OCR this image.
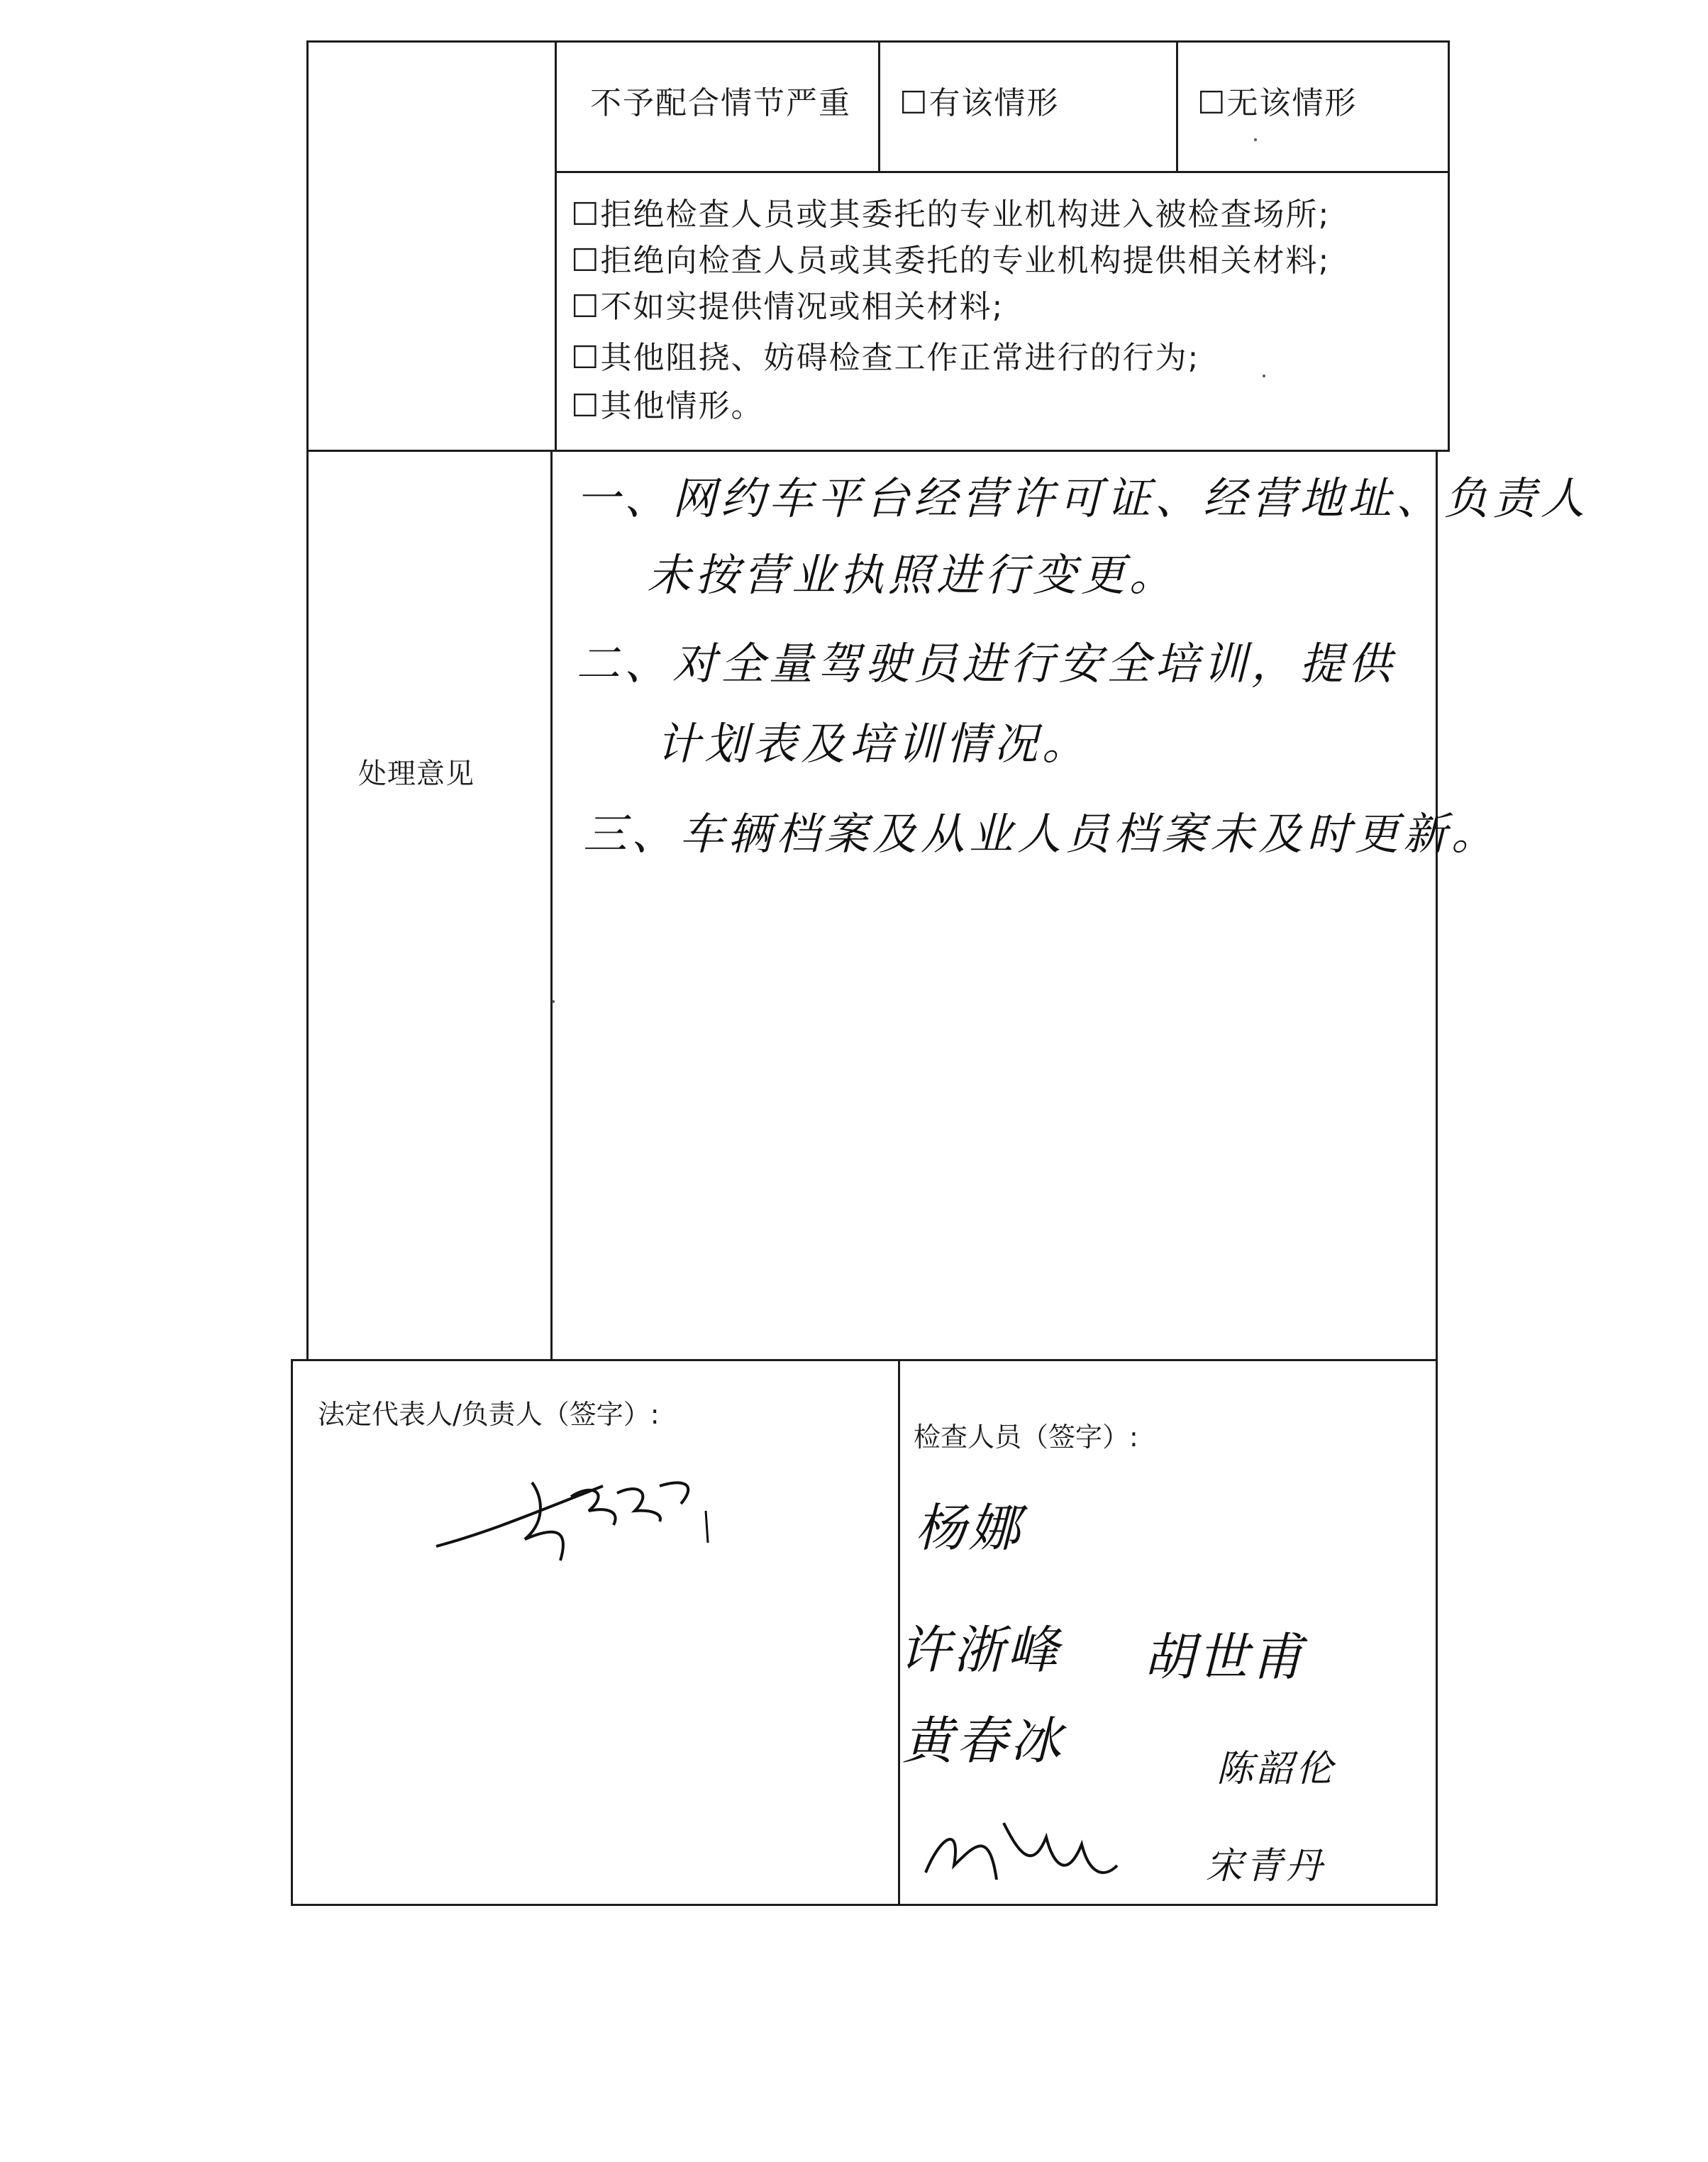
不予配合情节严重 ☐有该情形	☐无该情形
☐拒绝检查人员或其委托的专业机构进入被检查场所;
☐拒绝向检查人员或其委托的专业机构提供相关材料;
☐不如实提供情况或相关材料;
☐其他阻挠、妨碍检查工作正常进行的行为;
☐其他情形。
处理意见
一、网约车平台经营许可证、经营地址、负责人
未按营业执照进行变更。
二、对全量驾驶员进行安全培训，提供
计划表及培训情况。
三、车辆档案及从业人员档案未及时更新。
法定代表人/负责人（签字）:
检查人员（签字）:
杨娜
许浙峰
黄春冰
胡世甫
陈韶伦
宋青丹
